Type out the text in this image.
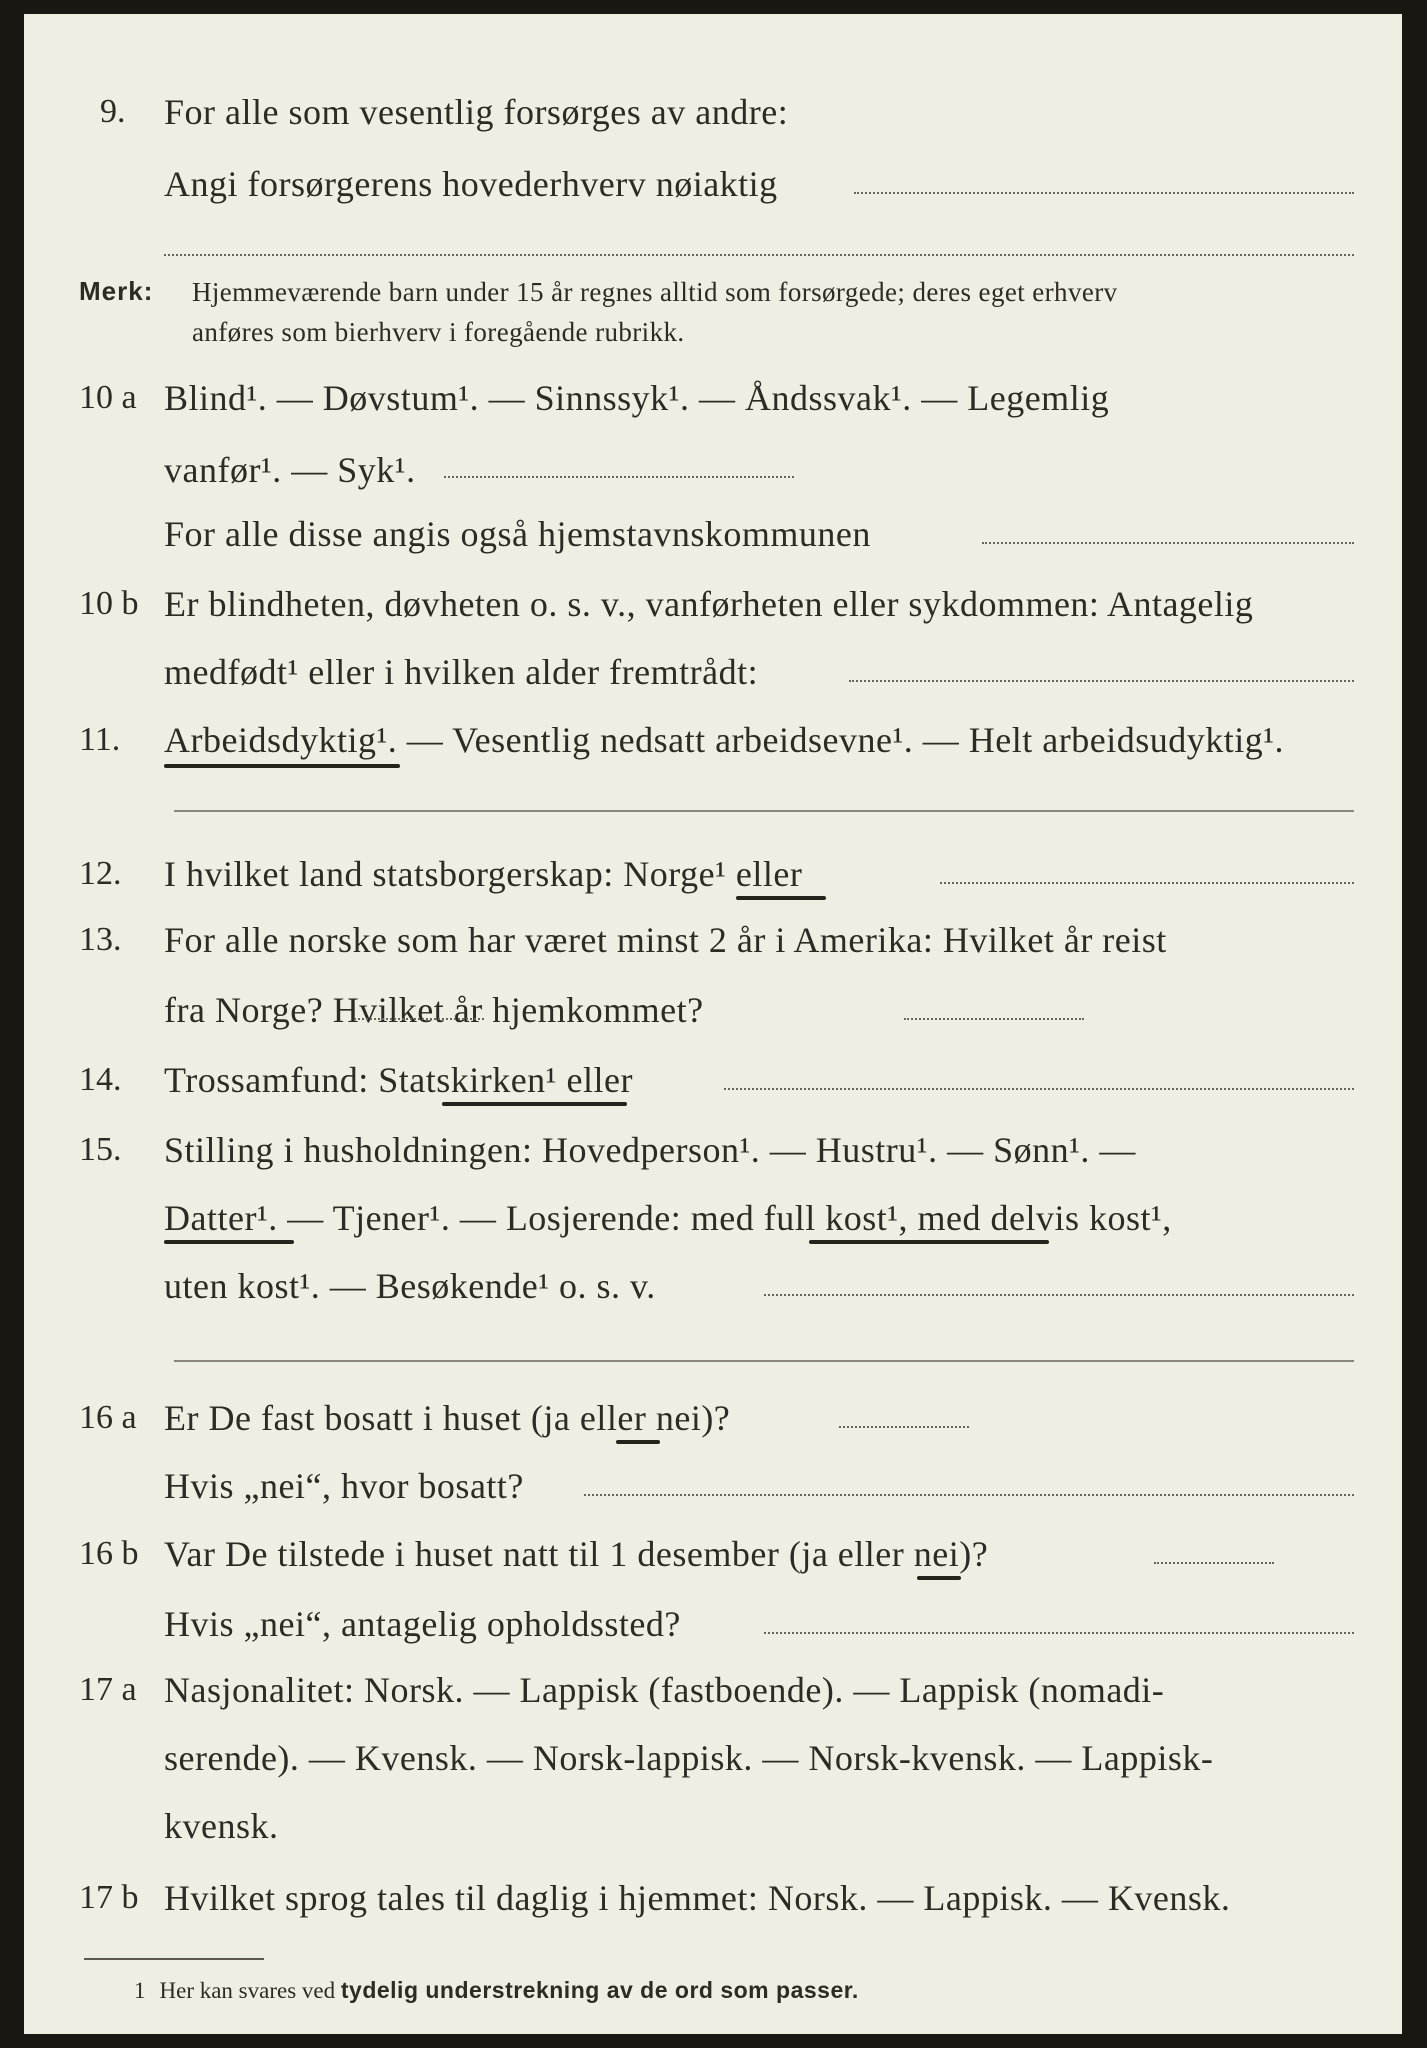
9. For alle som vesentlig forsørges av andre:
Angi forsørgerens hovederhverv nøiaktig
Merk: Hjemmeværende barn under 15 år regnes alltid som forsørgede; deres eget erhverv
anføres som bierhverv i foregående rubrikk.
10 a Blind¹. — Døvstum¹. — Sinnssyk¹. — Åndssvak¹. — Legemlig
vanfør¹. — Syk¹.
For alle disse angis også hjemstavnskommunen
10 b Er blindheten, døvheten o. s. v., vanførheten eller sykdommen: Antagelig
medfødt¹ eller i hvilken alder fremtrådt:
11. Arbeidsdyktig¹. — Vesentlig nedsatt arbeidsevne¹. — Helt arbeidsudyktig¹.
12. I hvilket land statsborgerskap: Norge¹ eller
13. For alle norske som har været minst 2 år i Amerika: Hvilket år reist
fra Norge? Hvilket år hjemkommet?
14. Trossamfund: Statskirken¹ eller
15. Stilling i husholdningen: Hovedperson¹. — Hustru¹. — Sønn¹. —
Datter¹. — Tjener¹. — Losjerende: med full kost¹, med delvis kost¹,
uten kost¹. — Besøkende¹ o. s. v.
16 a Er De fast bosatt i huset (ja eller nei)?
Hvis „nei“, hvor bosatt?
16 b Var De tilstede i huset natt til 1 desember (ja eller nei)?
Hvis „nei“, antagelig opholdssted?
17 a Nasjonalitet: Norsk. — Lappisk (fastboende). — Lappisk (nomadi-
serende). — Kvensk. — Norsk-lappisk. — Norsk-kvensk. — Lappisk-
kvensk.
17 b Hvilket sprog tales til daglig i hjemmet: Norsk. — Lappisk. — Kvensk.
1 Her kan svares ved tydelig understrekning av de ord som passer.
